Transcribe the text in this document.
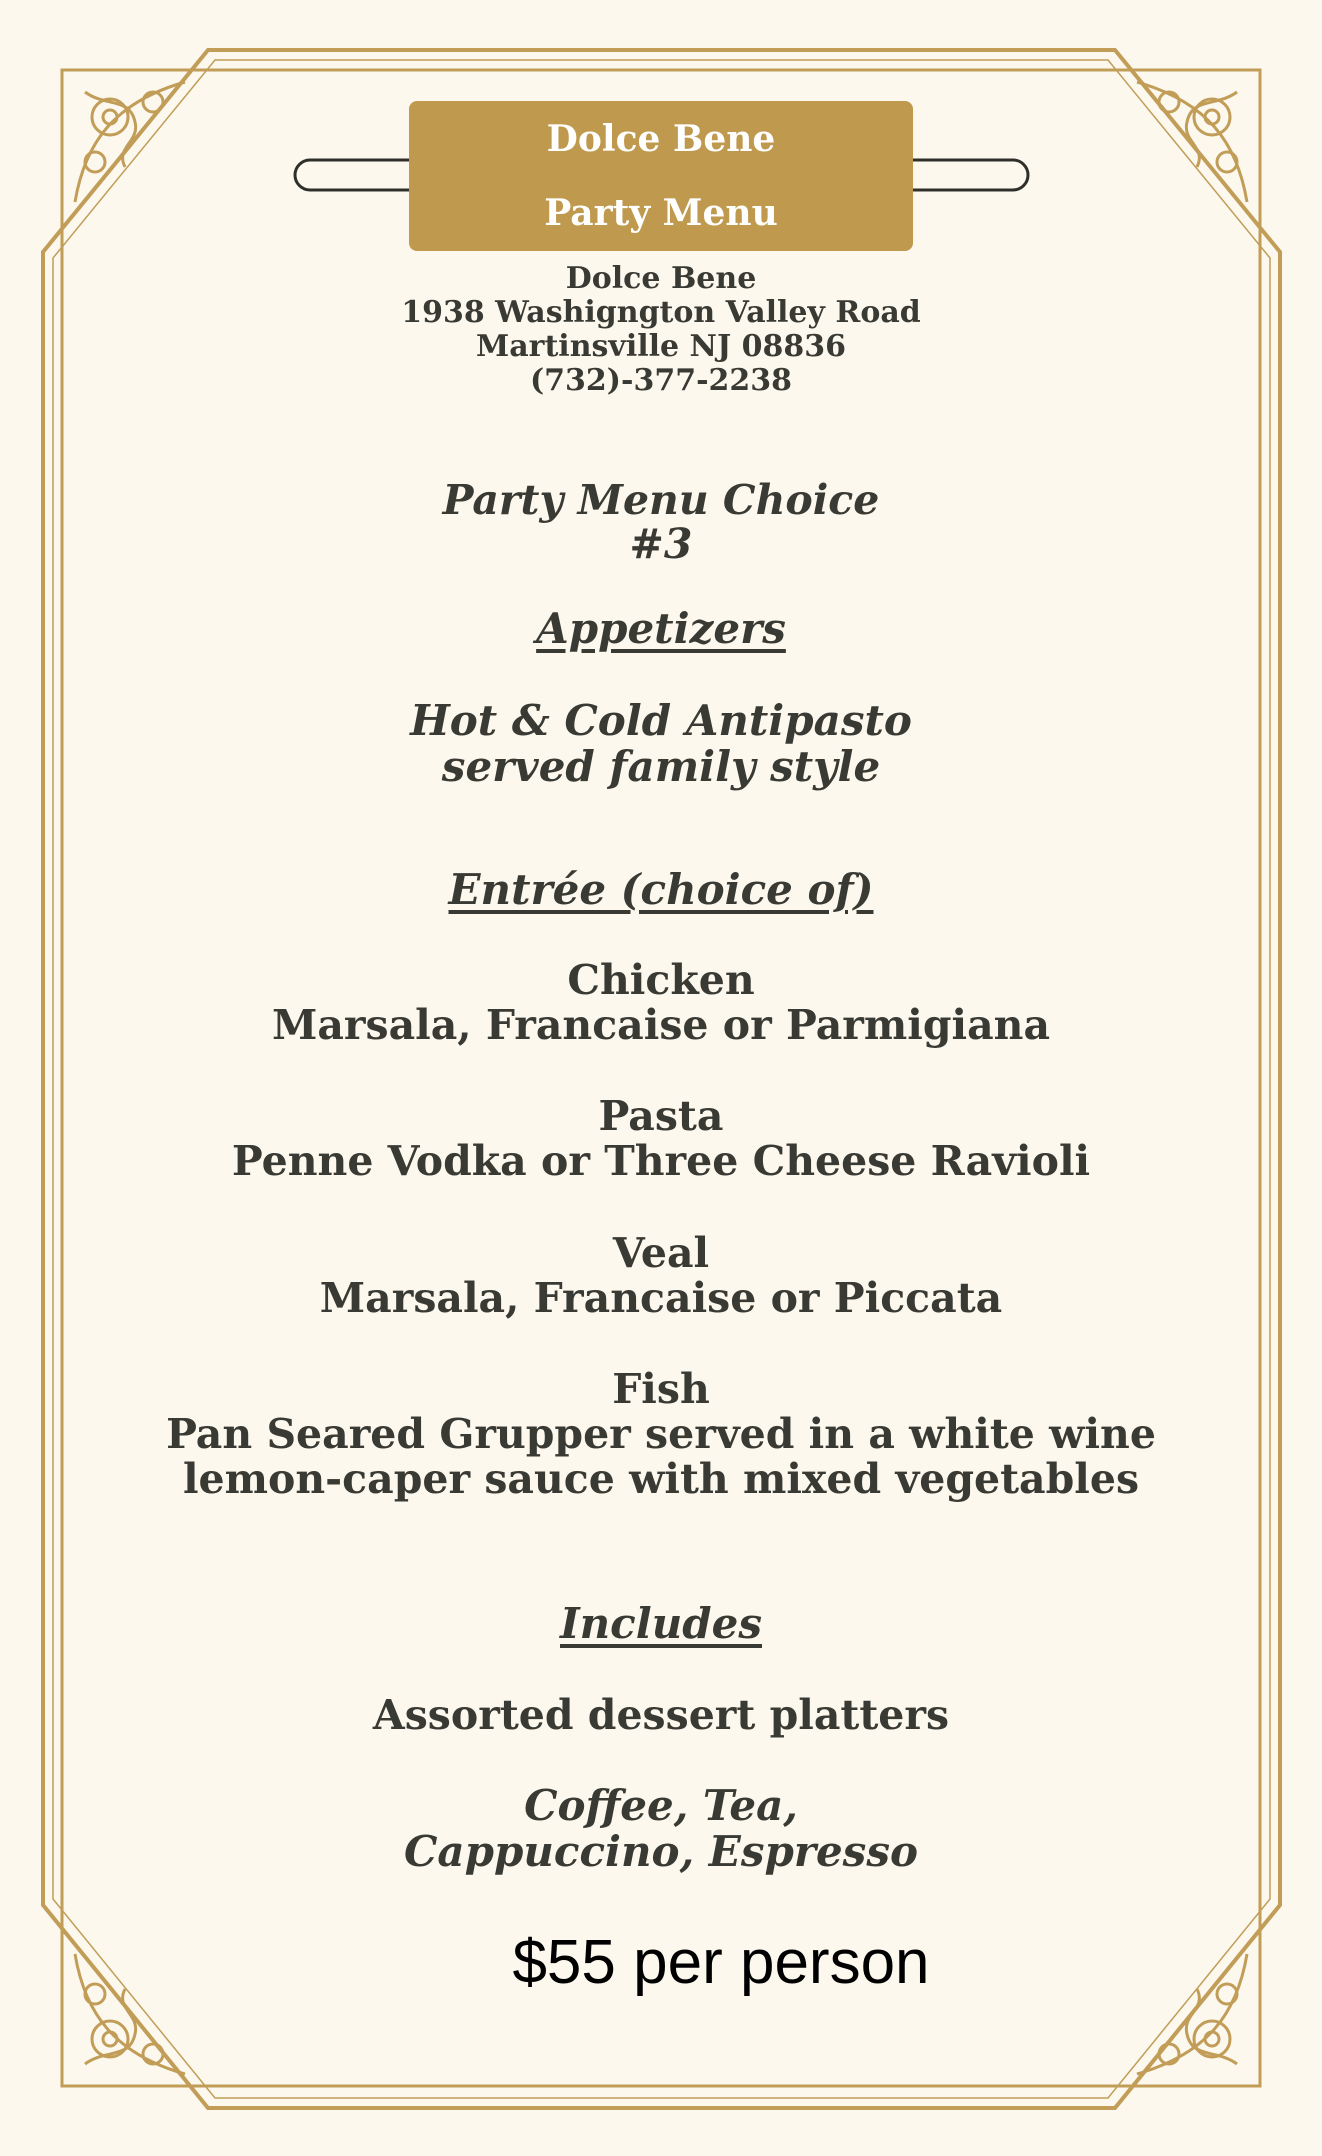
Dolce Bene
Party Menu
Dolce Bene
1938 Washigngton Valley Road
Martinsville NJ 08836
(732)-377-2238
Party Menu Choice
#3
Appetizers
Hot & Cold Antipasto
served family style
Entrée (choice of)
Chicken
Marsala, Francaise or Parmigiana
Pasta
Penne Vodka or Three Cheese Ravioli
Veal
Marsala, Francaise or Piccata
Fish
Pan Seared Grupper served in a white wine
lemon-caper sauce with mixed vegetables
Includes
Assorted dessert platters
Coffee, Tea,
Cappuccino, Espresso
$55 per person
